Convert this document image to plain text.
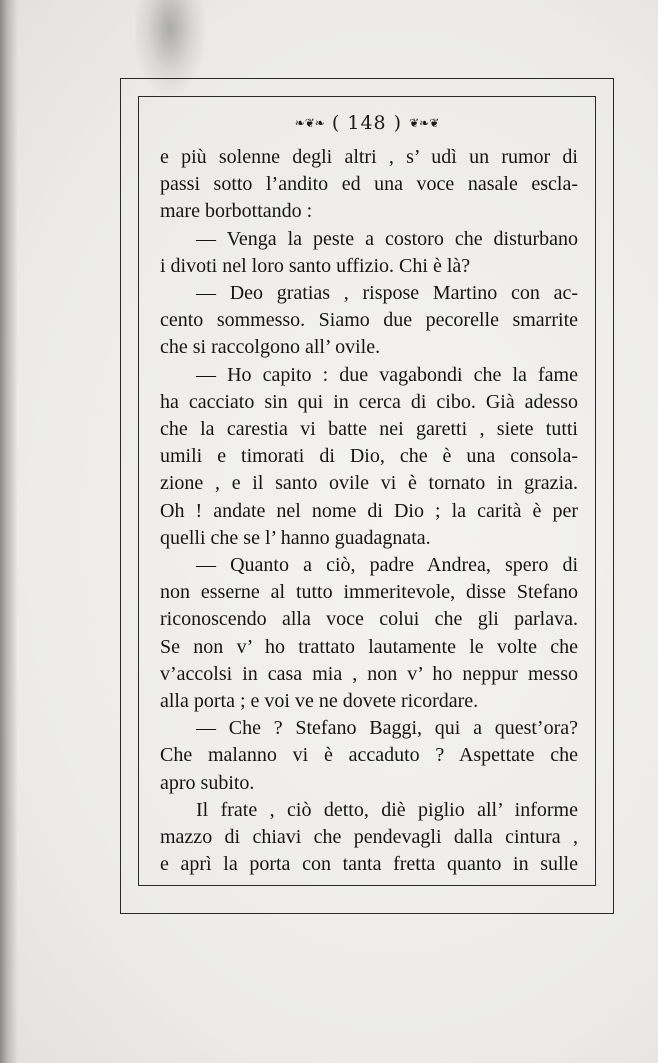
❧❦❧ ( 148 ) ❦❧❦
e più solenne degli altri , s’ udì un rumor di
passi sotto l’andito ed una voce nasale escla-
mare borbottando :
— Venga la peste a costoro che disturbano
i divoti nel loro santo uffizio. Chi è là?
— Deo gratias , rispose Martino con ac-
cento sommesso. Siamo due pecorelle smarrite
che si raccolgono all’ ovile.
— Ho capito : due vagabondi che la fame
ha cacciato sin qui in cerca di cibo. Già adesso
che la carestia vi batte nei garetti , siete tutti
umili e timorati di Dio, che è una consola-
zione , e il santo ovile vi è tornato in grazia.
Oh ! andate nel nome di Dio ; la carità è per
quelli che se l’ hanno guadagnata.
— Quanto a ciò, padre Andrea, spero di
non esserne al tutto immeritevole, disse Stefano
riconoscendo alla voce colui che gli parlava.
Se non v’ ho trattato lautamente le volte che
v’accolsi in casa mia , non v’ ho neppur messo
alla porta ; e voi ve ne dovete ricordare.
— Che ? Stefano Baggi, qui a quest’ora?
Che malanno vi è accaduto ? Aspettate che
apro subito.
Il frate , ciò detto, diè piglio all’ informe
mazzo di chiavi che pendevagli dalla cintura ,
e aprì la porta con tanta fretta quanto in sulle
